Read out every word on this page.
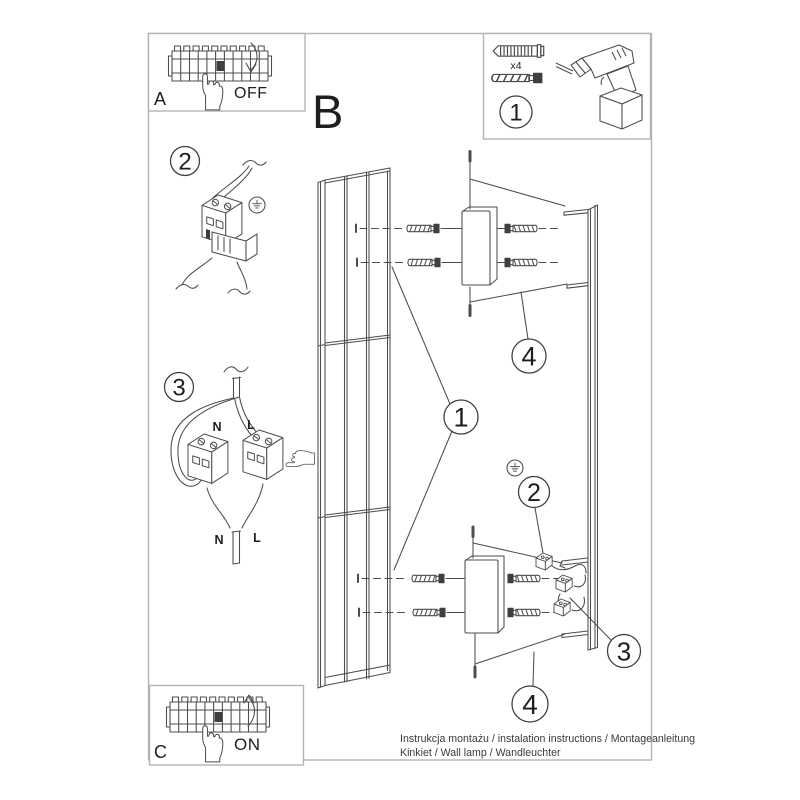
1
4
2
3
4
2
3
N L
N L
OFF
A	B
x4
1
ON
C
Instrukcja montażu / instalation instructions / Montageanleitung
Kinkiet / Wall lamp / Wandleuchter
